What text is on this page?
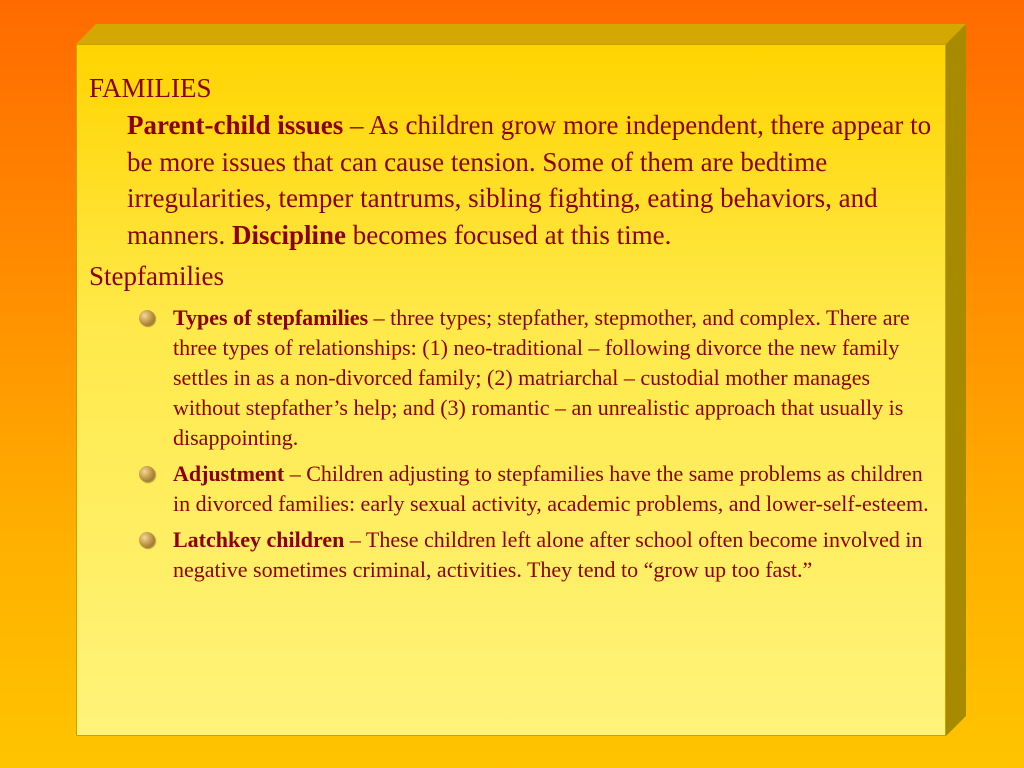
FAMILIES

Parent-child issues – As children grow more independent, there appear to be more issues that can cause tension. Some of them are bedtime irregularities, temper tantrums, sibling fighting, eating behaviors, and manners. Discipline becomes focused at this time.

Stepfamilies
Types of stepfamilies – three types; stepfather, stepmother, and complex. There are three types of relationships: (1) neo-traditional – following divorce the new family settles in as a non-divorced family; (2) matriarchal – custodial mother manages without stepfather’s help; and (3) romantic – an unrealistic approach that usually is disappointing.
Adjustment – Children adjusting to stepfamilies have the same problems as children in divorced families: early sexual activity, academic problems, and lower-self-esteem.
Latchkey children – These children left alone after school often become involved in negative sometimes criminal, activities. They tend to “grow up too fast.”
